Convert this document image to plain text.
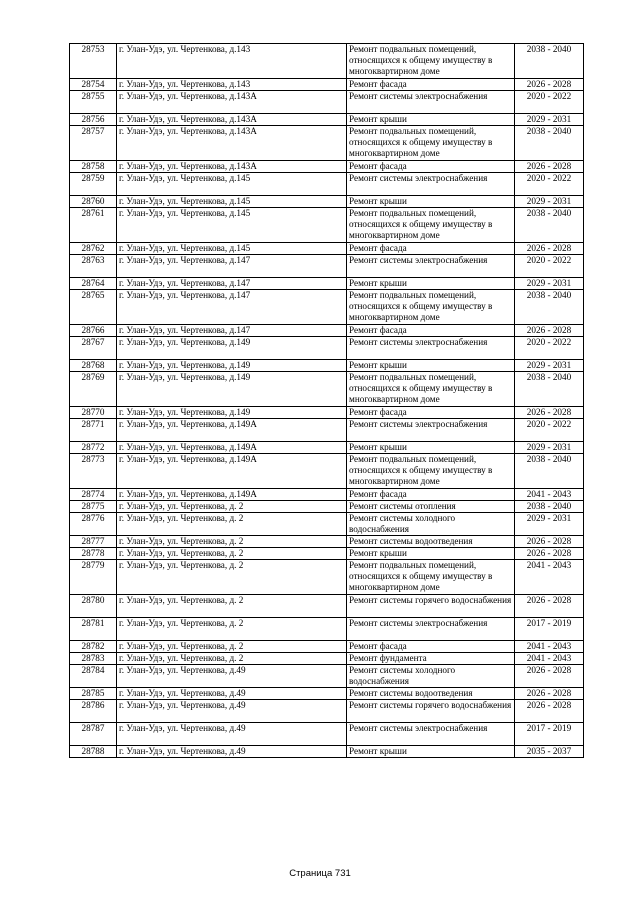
28753	г. Улан-Удэ, ул. Чертенкова, д.143	Ремонт подвальных помещений, относящихся к общему имуществу в многоквартирном доме	2038 - 2040
28754	г. Улан-Удэ, ул. Чертенкова, д.143	Ремонт фасада	2026 - 2028
28755	г. Улан-Удэ, ул. Чертенкова, д.143А	Ремонт системы электроснабжения	2020 - 2022
28756	г. Улан-Удэ, ул. Чертенкова, д.143А	Ремонт крыши	2029 - 2031
28757	г. Улан-Удэ, ул. Чертенкова, д.143А	Ремонт подвальных помещений, относящихся к общему имуществу в многоквартирном доме	2038 - 2040
28758	г. Улан-Удэ, ул. Чертенкова, д.143А	Ремонт фасада	2026 - 2028
28759	г. Улан-Удэ, ул. Чертенкова, д.145	Ремонт системы электроснабжения	2020 - 2022
28760	г. Улан-Удэ, ул. Чертенкова, д.145	Ремонт крыши	2029 - 2031
28761	г. Улан-Удэ, ул. Чертенкова, д.145	Ремонт подвальных помещений, относящихся к общему имуществу в многоквартирном доме	2038 - 2040
28762	г. Улан-Удэ, ул. Чертенкова, д.145	Ремонт фасада	2026 - 2028
28763	г. Улан-Удэ, ул. Чертенкова, д.147	Ремонт системы электроснабжения	2020 - 2022
28764	г. Улан-Удэ, ул. Чертенкова, д.147	Ремонт крыши	2029 - 2031
28765	г. Улан-Удэ, ул. Чертенкова, д.147	Ремонт подвальных помещений, относящихся к общему имуществу в многоквартирном доме	2038 - 2040
28766	г. Улан-Удэ, ул. Чертенкова, д.147	Ремонт фасада	2026 - 2028
28767	г. Улан-Удэ, ул. Чертенкова, д.149	Ремонт системы электроснабжения	2020 - 2022
28768	г. Улан-Удэ, ул. Чертенкова, д.149	Ремонт крыши	2029 - 2031
28769	г. Улан-Удэ, ул. Чертенкова, д.149	Ремонт подвальных помещений, относящихся к общему имуществу в многоквартирном доме	2038 - 2040
28770	г. Улан-Удэ, ул. Чертенкова, д.149	Ремонт фасада	2026 - 2028
28771	г. Улан-Удэ, ул. Чертенкова, д.149А	Ремонт системы электроснабжения	2020 - 2022
28772	г. Улан-Удэ, ул. Чертенкова, д.149А	Ремонт крыши	2029 - 2031
28773	г. Улан-Удэ, ул. Чертенкова, д.149А	Ремонт подвальных помещений, относящихся к общему имуществу в многоквартирном доме	2038 - 2040
28774	г. Улан-Удэ, ул. Чертенкова, д.149А	Ремонт фасада	2041 - 2043
28775	г. Улан-Удэ, ул. Чертенкова, д. 2	Ремонт системы отопления	2038 - 2040
28776	г. Улан-Удэ, ул. Чертенкова, д. 2	Ремонт системы холодного водоснабжения	2029 - 2031
28777	г. Улан-Удэ, ул. Чертенкова, д. 2	Ремонт системы водоотведения	2026 - 2028
28778	г. Улан-Удэ, ул. Чертенкова, д. 2	Ремонт крыши	2026 - 2028
28779	г. Улан-Удэ, ул. Чертенкова, д. 2	Ремонт подвальных помещений, относящихся к общему имуществу в многоквартирном доме	2041 - 2043
28780	г. Улан-Удэ, ул. Чертенкова, д. 2	Ремонт системы горячего водоснабжения	2026 - 2028
28781	г. Улан-Удэ, ул. Чертенкова, д. 2	Ремонт системы электроснабжения	2017 - 2019
28782	г. Улан-Удэ, ул. Чертенкова, д. 2	Ремонт фасада	2041 - 2043
28783	г. Улан-Удэ, ул. Чертенкова, д. 2	Ремонт фундамента	2041 - 2043
28784	г. Улан-Удэ, ул. Чертенкова, д.49	Ремонт системы холодного водоснабжения	2026 - 2028
28785	г. Улан-Удэ, ул. Чертенкова, д.49	Ремонт системы водоотведения	2026 - 2028
28786	г. Улан-Удэ, ул. Чертенкова, д.49	Ремонт системы горячего водоснабжения	2026 - 2028
28787	г. Улан-Удэ, ул. Чертенкова, д.49	Ремонт системы электроснабжения	2017 - 2019
28788	г. Улан-Удэ, ул. Чертенкова, д.49	Ремонт крыши	2035 - 2037
Страница 731
